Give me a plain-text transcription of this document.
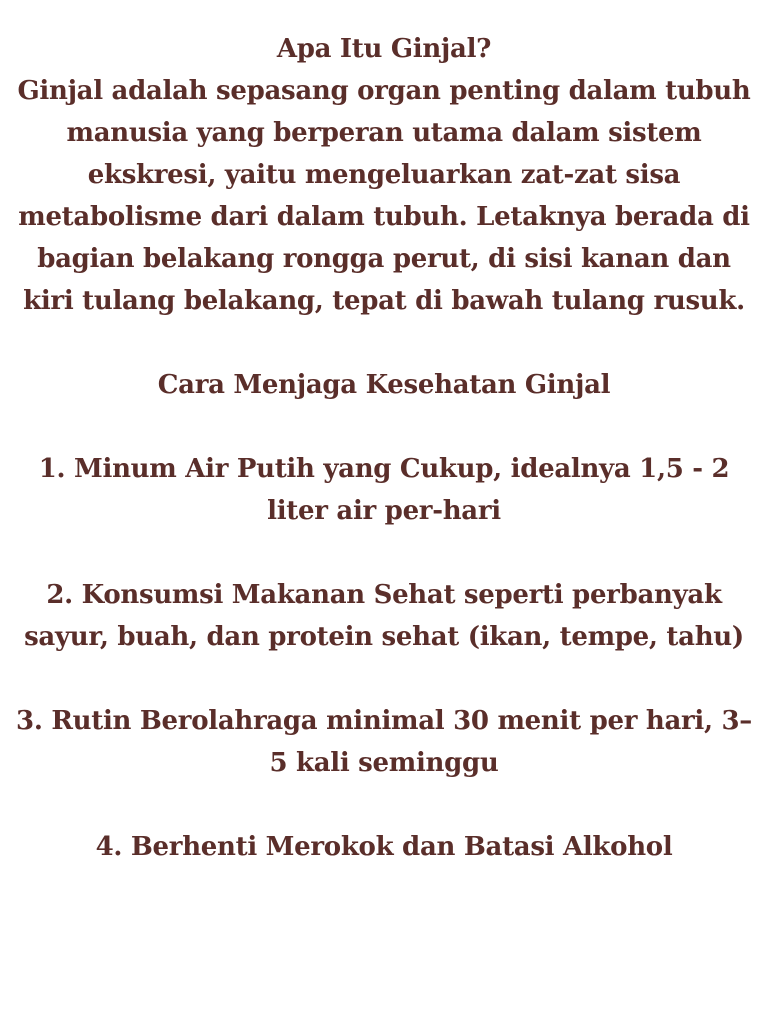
Apa Itu Ginjal?

Ginjal adalah sepasang organ penting dalam tubuh manusia yang berperan utama dalam sistem ekskresi, yaitu mengeluarkan zat-zat sisa metabolisme dari dalam tubuh. Letaknya berada di bagian belakang rongga perut, di sisi kanan dan kiri tulang belakang, tepat di bawah tulang rusuk.

Cara Menjaga Kesehatan Ginjal

1. Minum Air Putih yang Cukup, idealnya 1,5 - 2 liter air per-hari

2. Konsumsi Makanan Sehat seperti perbanyak sayur, buah, dan protein sehat (ikan, tempe, tahu)

3. Rutin Berolahraga minimal 30 menit per hari, 3–5 kali seminggu

4. Berhenti Merokok dan Batasi Alkohol
